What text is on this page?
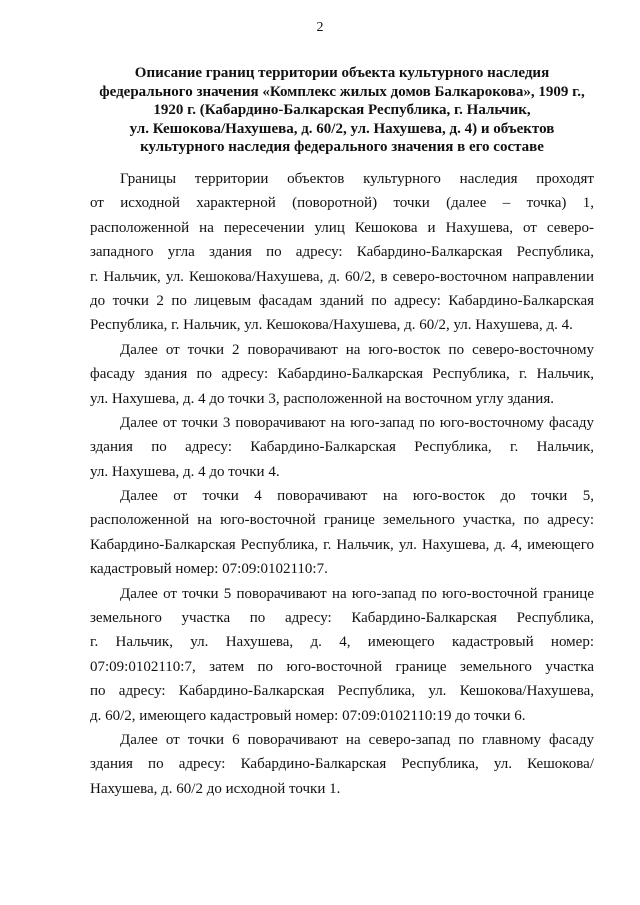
2
Описание границ территории объекта культурного наследия
федерального значения «Комплекс жилых домов Балкарокова», 1909 г.,
1920 г. (Кабардино-Балкарская Республика, г. Нальчик,
ул. Кешокова/Нахушева, д. 60/2, ул. Нахушева, д. 4) и объектов
культурного наследия федерального значения в его составе
Границы территории объектов культурного наследия проходят
от исходной характерной (поворотной) точки (далее – точка) 1,
расположенной на пересечении улиц Кешокова и Нахушева, от северо-
западного угла здания по адресу: Кабардино-Балкарская Республика,
г. Нальчик, ул. Кешокова/Нахушева, д. 60/2, в северо-восточном направлении
до точки 2 по лицевым фасадам зданий по адресу: Кабардино-Балкарская
Республика, г. Нальчик, ул. Кешокова/Нахушева, д. 60/2, ул. Нахушева, д. 4.
Далее от точки 2 поворачивают на юго-восток по северо-восточному
фасаду здания по адресу: Кабардино-Балкарская Республика, г. Нальчик,
ул. Нахушева, д. 4 до точки 3, расположенной на восточном углу здания.
Далее от точки 3 поворачивают на юго-запад по юго-восточному фасаду
здания по адресу: Кабардино-Балкарская Республика, г. Нальчик,
ул. Нахушева, д. 4 до точки 4.
Далее от точки 4 поворачивают на юго-восток до точки 5,
расположенной на юго-восточной границе земельного участка, по адресу:
Кабардино-Балкарская Республика, г. Нальчик, ул. Нахушева, д. 4, имеющего
кадастровый номер: 07:09:0102110:7.
Далее от точки 5 поворачивают на юго-запад по юго-восточной границе
земельного участка по адресу: Кабардино-Балкарская Республика,
г. Нальчик, ул. Нахушева, д. 4, имеющего кадастровый номер:
07:09:0102110:7, затем по юго-восточной границе земельного участка
по адресу: Кабардино-Балкарская Республика, ул. Кешокова/Нахушева,
д. 60/2, имеющего кадастровый номер: 07:09:0102110:19 до точки 6.
Далее от точки 6 поворачивают на северо-запад по главному фасаду
здания по адресу: Кабардино-Балкарская Республика, ул. Кешокова/
Нахушева, д. 60/2 до исходной точки 1.
